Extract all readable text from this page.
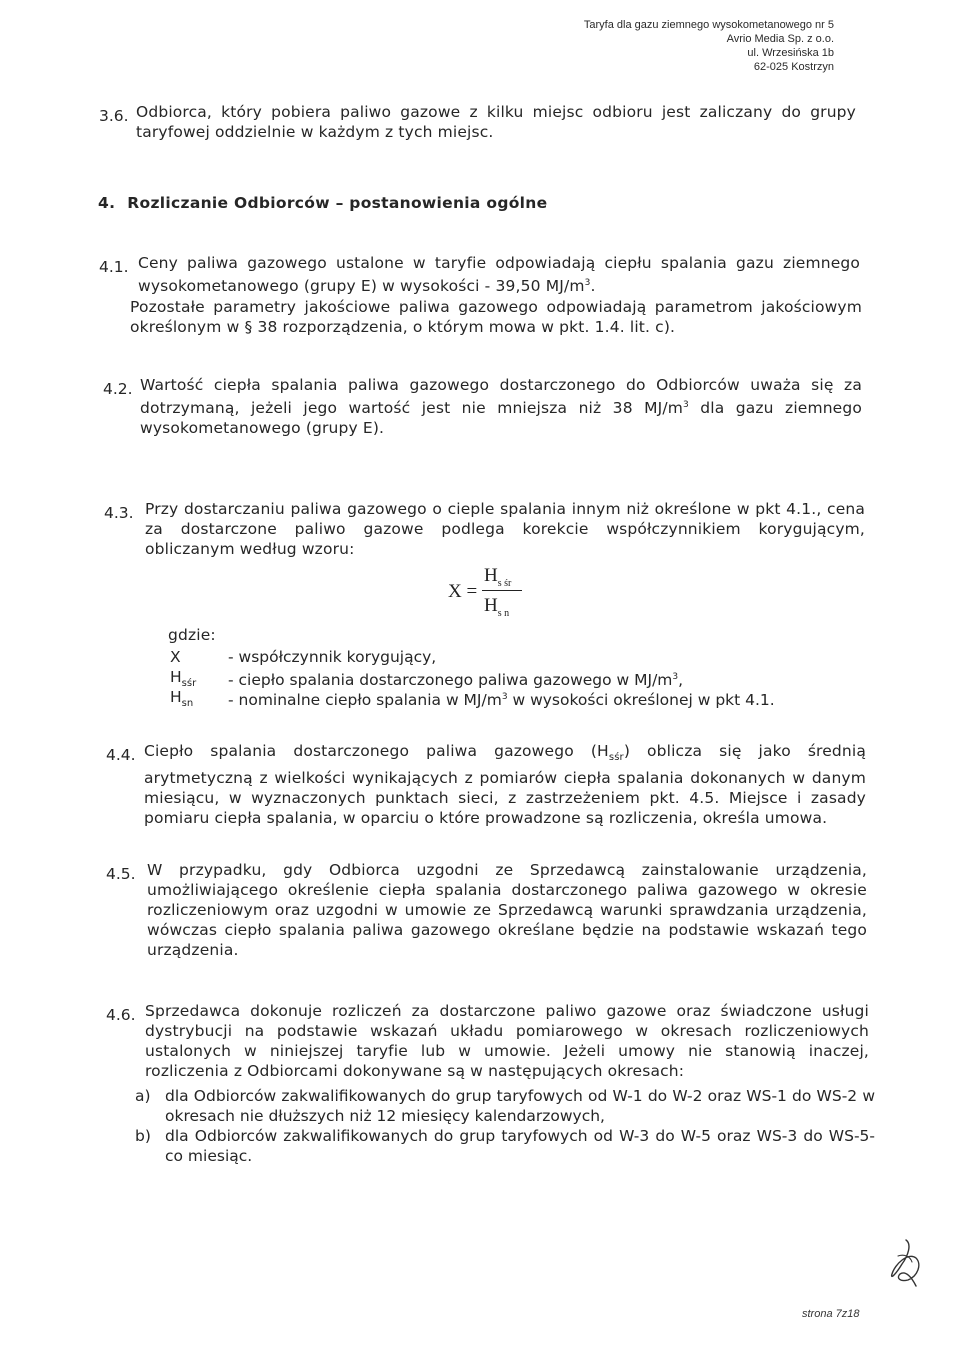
Taryfa dla gazu ziemnego wysokometanowego nr 5
Avrio Media Sp. z o.o.
ul. Wrzesińska 1b
62-025 Kostrzyn
3.6. Odbiorca, który pobiera paliwo gazowe z kilku miejsc odbioru jest zaliczany do grupy taryfowej oddzielnie w każdym z tych miejsc.
4. Rozliczanie Odbiorców – postanowienia ogólne
4.1. Ceny paliwa gazowego ustalone w taryfie odpowiadają ciepłu spalania gazu ziemnego wysokometanowego (grupy E) w wysokości - 39,50 $MJ/m^3$.
Pozostałe parametry jakościowe paliwa gazowego odpowiadają parametrom jakościowym określonym w § 38 rozporządzenia, o którym mowa w pkt. 1.4. lit. c).
4.2. Wartość ciepła spalania paliwa gazowego dostarczonego do Odbiorców uważa się za dotrzymaną, jeżeli jego wartość jest nie mniejsza niż 38 $MJ/m^3$ dla gazu ziemnego wysokometanowego (grupy E).
4.3. Przy dostarczaniu paliwa gazowego o cieple spalania innym niż określone w pkt 4.1., cena za dostarczone paliwo gazowe podlega korekcie współczynnikiem korygującym, obliczanym według wzoru:
X =
$H_{s śr}$
$H_{s n}$
gdzie:
X	- współczynnik korygujący,
$H_{sśr}$ - ciepło spalania dostarczonego paliwa gazowego w $MJ/m^3$,
$H_{sn}$ - nominalne ciepło spalania w $MJ/m^3$ w wysokości określonej w pkt 4.1.
4.4. Ciepło spalania dostarczonego paliwa gazowego $(H_{sśr})$ oblicza się jako średnią arytmetyczną z wielkości wynikających z pomiarów ciepła spalania dokonanych w danym miesiącu, w wyznaczonych punktach sieci, z zastrzeżeniem pkt. 4.5. Miejsce i zasady pomiaru ciepła spalania, w oparciu o które prowadzone są rozliczenia, określa umowa.
4.5. W przypadku, gdy Odbiorca uzgodni ze Sprzedawcą zainstalowanie urządzenia, umożliwiającego określenie ciepła spalania dostarczonego paliwa gazowego w okresie rozliczeniowym oraz uzgodni w umowie ze Sprzedawcą warunki sprawdzania urządzenia, wówczas ciepło spalania paliwa gazowego określane będzie na podstawie wskazań tego urządzenia.
4.6. Sprzedawca dokonuje rozliczeń za dostarczone paliwo gazowe oraz świadczone usługi dystrybucji na podstawie wskazań układu pomiarowego w okresach rozliczeniowych ustalonych w niniejszej taryfie lub w umowie. Jeżeli umowy nie stanowią inaczej, rozliczenia z Odbiorcami dokonywane są w następujących okresach:
a) dla Odbiorców zakwalifikowanych do grup taryfowych od W-1 do W-2 oraz WS-1 do WS-2 w okresach nie dłuższych niż 12 miesięcy kalendarzowych,
b) dla Odbiorców zakwalifikowanych do grup taryfowych od W-3 do W-5 oraz WS-3 do WS-5- co miesiąc.
strona 7z18
